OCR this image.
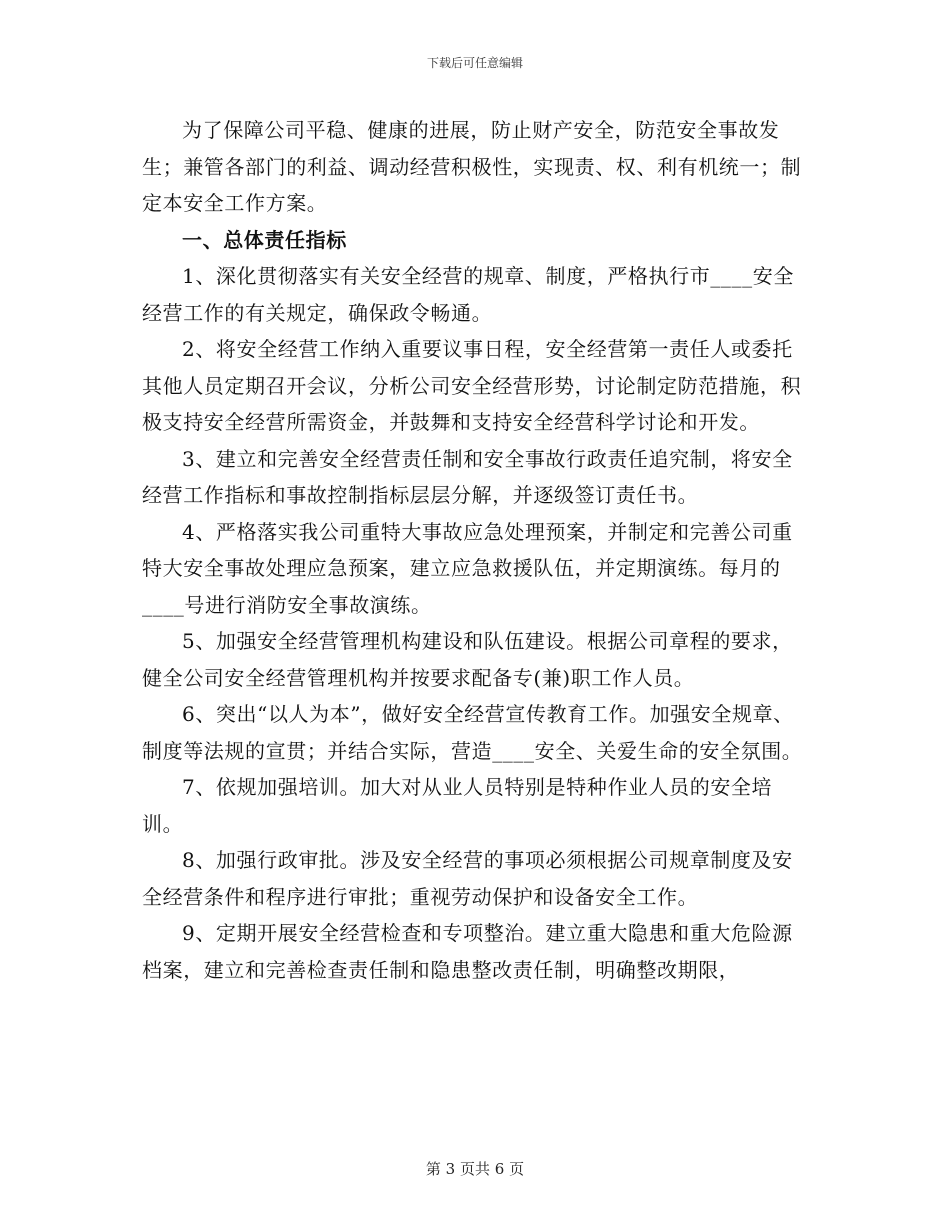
下载后可任意编辑

为了保障公司平稳、健康的进展，防止财产安全，防范安全事故发生；兼管各部门的利益、调动经营积极性，实现责、权、利有机统一；制定本安全工作方案。

一、总体责任指标

1、深化贯彻落实有关安全经营的规章、制度，严格执行市____安全经营工作的有关规定，确保政令畅通。

2、将安全经营工作纳入重要议事日程，安全经营第一责任人或委托其他人员定期召开会议，分析公司安全经营形势，讨论制定防范措施，积极支持安全经营所需资金，并鼓舞和支持安全经营科学讨论和开发。

3、建立和完善安全经营责任制和安全事故行政责任追究制，将安全经营工作指标和事故控制指标层层分解，并逐级签订责任书。

4、严格落实我公司重特大事故应急处理预案，并制定和完善公司重特大安全事故处理应急预案，建立应急救援队伍，并定期演练。每月的____号进行消防安全事故演练。

5、加强安全经营管理机构建设和队伍建设。根据公司章程的要求，健全公司安全经营管理机构并按要求配备专(兼)职工作人员。

6、突出“以人为本”，做好安全经营宣传教育工作。加强安全规章、制度等法规的宣贯；并结合实际，营造____安全、关爱生命的安全氛围。

7、依规加强培训。加大对从业人员特别是特种作业人员的安全培训。

8、加强行政审批。涉及安全经营的事项必须根据公司规章制度及安全经营条件和程序进行审批；重视劳动保护和设备安全工作。

9、定期开展安全经营检查和专项整治。建立重大隐患和重大危险源档案，建立和完善检查责任制和隐患整改责任制，明确整改期限，

第 3 页共 6 页
